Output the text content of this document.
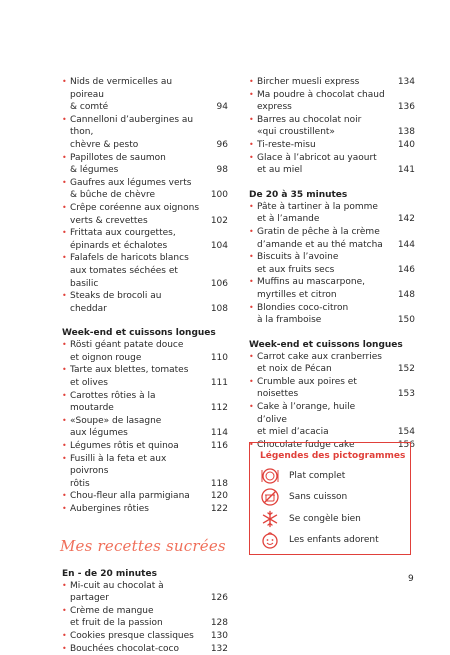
• Nids de vermicelles au poireau
& comté	94
• Cannelloni d’aubergines au thon,
chèvre & pesto	96
• Papillotes de saumon
& légumes	98
• Gaufres aux légumes verts
& bûche de chèvre	100
• Crêpe coréenne aux oignons
verts & crevettes	102
• Frittata aux courgettes,
épinards et échalotes	104
• Falafels de haricots blancs
aux tomates séchées et basilic	106
• Steaks de brocoli au cheddar	108
Week-end et cuissons longues
• Rösti géant patate douce
et oignon rouge	110
• Tarte aux blettes, tomates
et olives	111
• Carottes rôties à la moutarde	112
• «Soupe» de lasagne
aux légumes	114
• Légumes rôtis et quinoa	116
• Fusilli à la feta et aux poivrons
rôtis	118
• Chou-fleur alla parmigiana	120
• Aubergines rôties	122
Mes recettes sucrées
En - de 20 minutes
• Mi-cuit au chocolat à partager	126
• Crème de mangue
et fruit de la passion	128
• Cookies presque classiques	130
• Bouchées chocolat-coco	132
• Bircher muesli express	134
• Ma poudre à chocolat chaud
express	136
• Barres au chocolat noir
«qui croustillent»	138
• Ti-reste-misu	140
• Glace à l’abricot au yaourt
et au miel	141
De 20 à 35 minutes
• Pâte à tartiner à la pomme
et à l’amande	142
• Gratin de pêche à la crème
d’amande et au thé matcha	144
• Biscuits à l’avoine
et aux fruits secs	146
• Muffins au mascarpone,
myrtilles et citron	148
• Blondies coco-citron
à la framboise	150
Week-end et cuissons longues
• Carrot cake aux cranberries
et noix de Pécan	152
• Crumble aux poires et noisettes	153
• Cake à l’orange, huile d’olive
et miel d’acacia	154
• Chocolate fudge cake	156
Légendes des pictogrammes
Plat complet
Sans cuisson
Se congèle bien
Les enfants adorent
9
